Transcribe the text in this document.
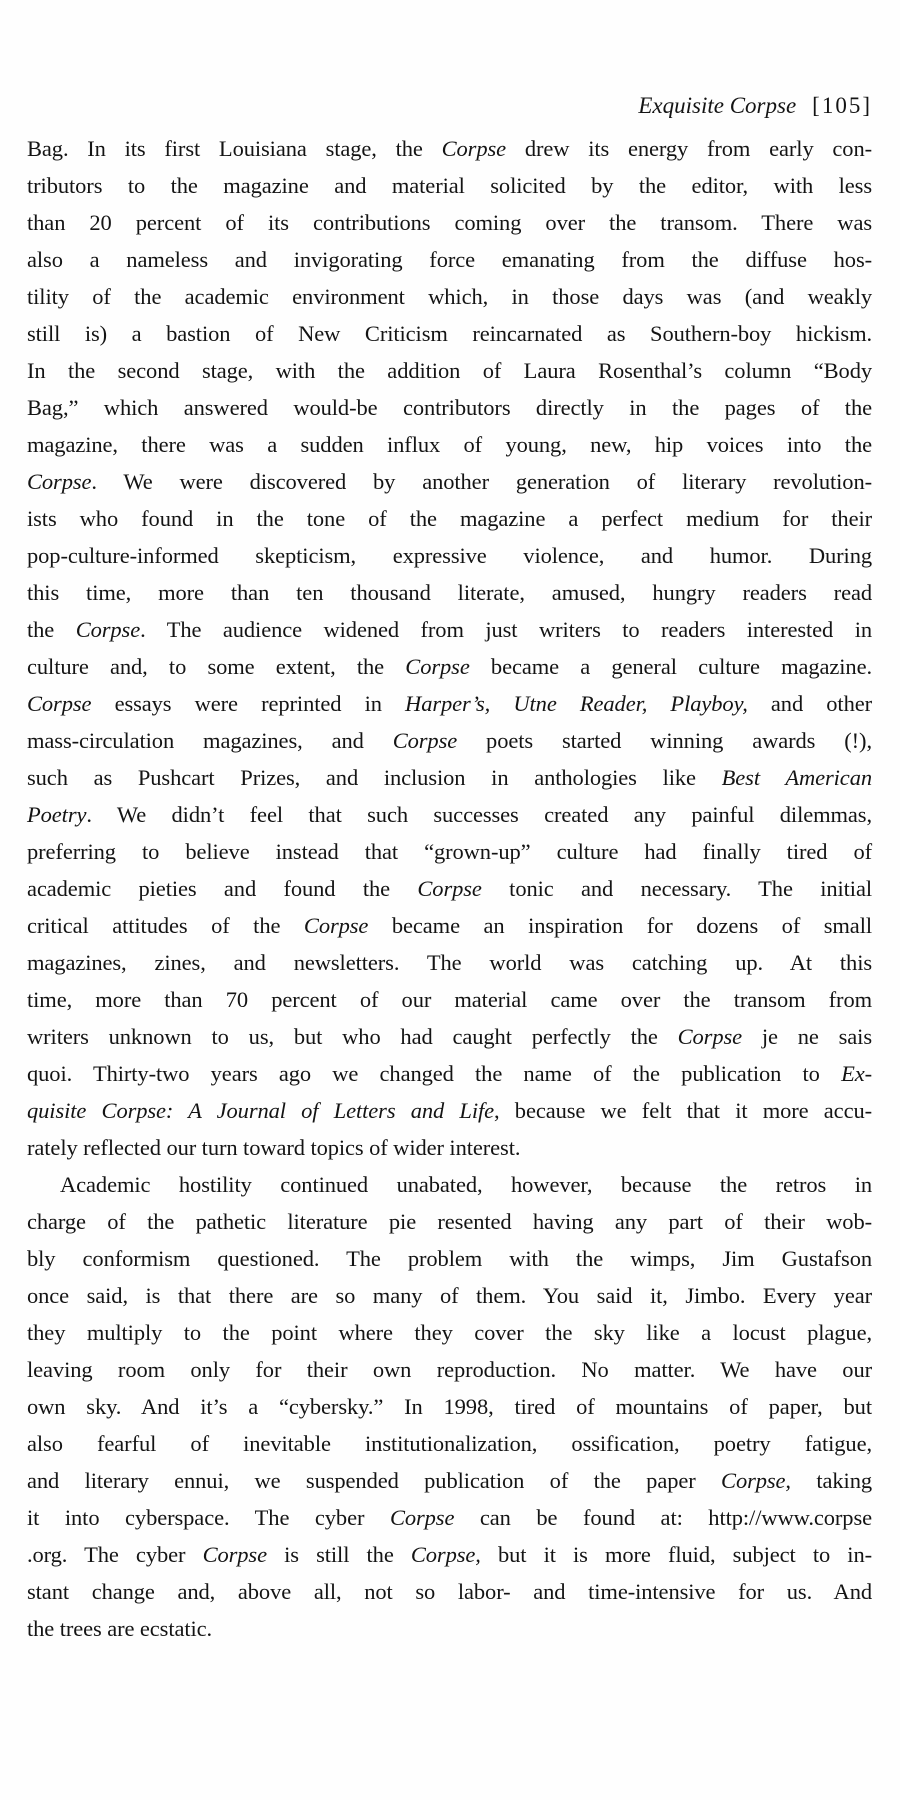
Exquisite Corpse [105]
Bag. In its first Louisiana stage, the Corpse drew its energy from early con-
tributors to the magazine and material solicited by the editor, with less
than 20 percent of its contributions coming over the transom. There was
also a nameless and invigorating force emanating from the diffuse hos-
tility of the academic environment which, in those days was (and weakly
still is) a bastion of New Criticism reincarnated as Southern-boy hickism.
In the second stage, with the addition of Laura Rosenthal’s column “Body
Bag,” which answered would-be contributors directly in the pages of the
magazine, there was a sudden influx of young, new, hip voices into the
Corpse. We were discovered by another generation of literary revolution-
ists who found in the tone of the magazine a perfect medium for their
pop-culture-informed skepticism, expressive violence, and humor. During
this time, more than ten thousand literate, amused, hungry readers read
the Corpse. The audience widened from just writers to readers interested in
culture and, to some extent, the Corpse became a general culture magazine.
Corpse essays were reprinted in Harper’s, Utne Reader, Playboy, and other
mass-circulation magazines, and Corpse poets started winning awards (!),
such as Pushcart Prizes, and inclusion in anthologies like Best American
Poetry. We didn’t feel that such successes created any painful dilemmas,
preferring to believe instead that “grown-up” culture had finally tired of
academic pieties and found the Corpse tonic and necessary. The initial
critical attitudes of the Corpse became an inspiration for dozens of small
magazines, zines, and newsletters. The world was catching up. At this
time, more than 70 percent of our material came over the transom from
writers unknown to us, but who had caught perfectly the Corpse je ne sais
quoi. Thirty-two years ago we changed the name of the publication to Ex-
quisite Corpse: A Journal of Letters and Life, because we felt that it more accu-
rately reflected our turn toward topics of wider interest.
Academic hostility continued unabated, however, because the retros in
charge of the pathetic literature pie resented having any part of their wob-
bly conformism questioned. The problem with the wimps, Jim Gustafson
once said, is that there are so many of them. You said it, Jimbo. Every year
they multiply to the point where they cover the sky like a locust plague,
leaving room only for their own reproduction. No matter. We have our
own sky. And it’s a “cybersky.” In 1998, tired of mountains of paper, but
also fearful of inevitable institutionalization, ossification, poetry fatigue,
and literary ennui, we suspended publication of the paper Corpse, taking
it into cyberspace. The cyber Corpse can be found at: http://www.corpse
.org. The cyber Corpse is still the Corpse, but it is more fluid, subject to in-
stant change and, above all, not so labor- and time-intensive for us. And
the trees are ecstatic.
